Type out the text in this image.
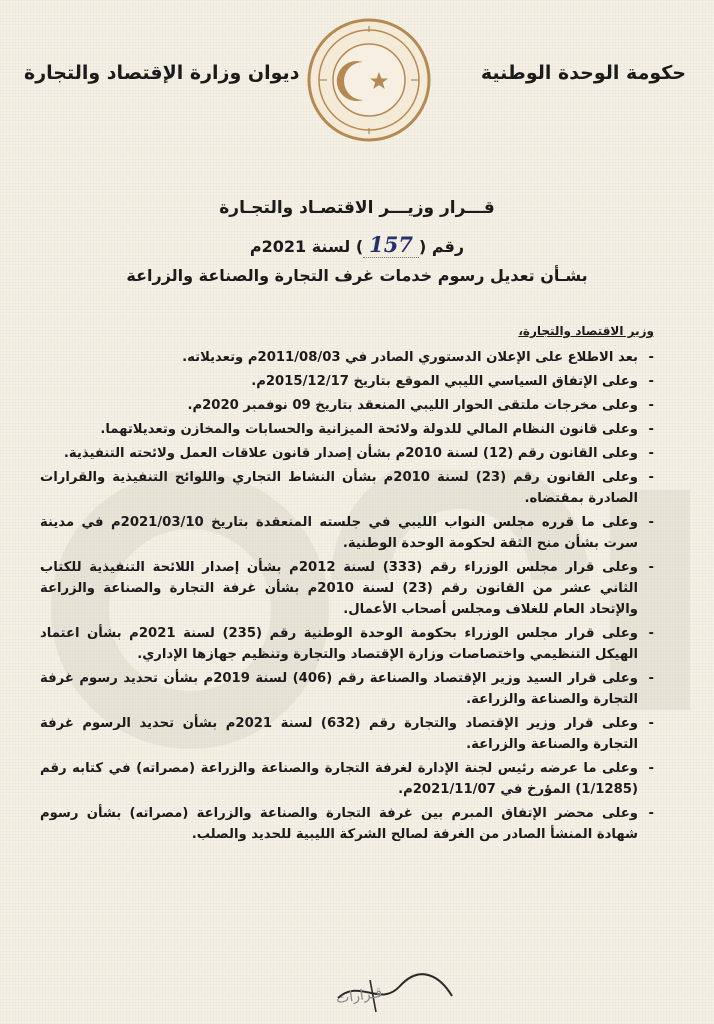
حكومة الوحدة الوطنية
ديوان وزارة الإقتصاد والتجارة
قـــرار وزيـــر الاقتصـاد والتجـارة
رقم (157) لسنة 2021م
بشـأن تعديل رسوم خدمات غرف التجارة والصناعة والزراعة
وزير الاقتصاد والتجارة،
- بعد الاطلاع على الإعلان الدستوري الصادر في 2011/08/03م وتعديلاته.
- وعلى الإتفاق السياسي الليبي الموقع بتاريخ 2015/12/17م.
- وعلى مخرجات ملتقى الحوار الليبي المنعقد بتاريخ 09 نوفمبر 2020م.
- وعلى قانون النظام المالي للدولة ولائحة الميزانية والحسابات والمخازن وتعديلاتهما.
- وعلى القانون رقم (12) لسنة 2010م بشأن إصدار قانون علاقات العمل ولائحته التنفيذية.
- وعلى القانون رقم (23) لسنة 2010م بشأن النشاط التجاري واللوائح التنفيذية والقرارات الصادرة بمقتضاه.
- وعلى ما قرره مجلس النواب الليبي في جلسته المنعقدة بتاريخ 2021/03/10م في مدينة سرت بشأن منح الثقة لحكومة الوحدة الوطنية.
- وعلى قرار مجلس الوزراء رقم (333) لسنة 2012م بشأن إصدار اللائحة التنفيذية للكتاب الثاني عشر من القانون رقم (23) لسنة 2010م بشأن غرفة التجارة والصناعة والزراعة والإتحاد العام للغلاف ومجلس أصحاب الأعمال.
- وعلى قرار مجلس الوزراء بحكومة الوحدة الوطنية رقم (235) لسنة 2021م بشأن اعتماد الهيكل التنظيمي واختصاصات وزارة الإقتصاد والتجارة وتنظيم جهازها الإداري.
- وعلى قرار السيد وزير الإقتصاد والصناعة رقم (406) لسنة 2019م بشأن تحديد رسوم غرفة التجارة والصناعة والزراعة.
- وعلى قرار وزير الإقتصاد والتجارة رقم (632) لسنة 2021م بشأن تحديد الرسوم غرفة التجارة والصناعة والزراعة.
- وعلى ما عرضه رئيس لجنة الإدارة لغرفة التجارة والصناعة والزراعة (مصراته) في كتابه رقم (1/1285) المؤرخ في 2021/11/07م.
- وعلى محضر الإتفاق المبرم بين غرفة التجارة والصناعة والزراعة (مصراته) بشأن رسوم شهادة المنشأ الصادر من الغرفة لصالح الشركة الليبية للحديد والصلب.
قـرارات
